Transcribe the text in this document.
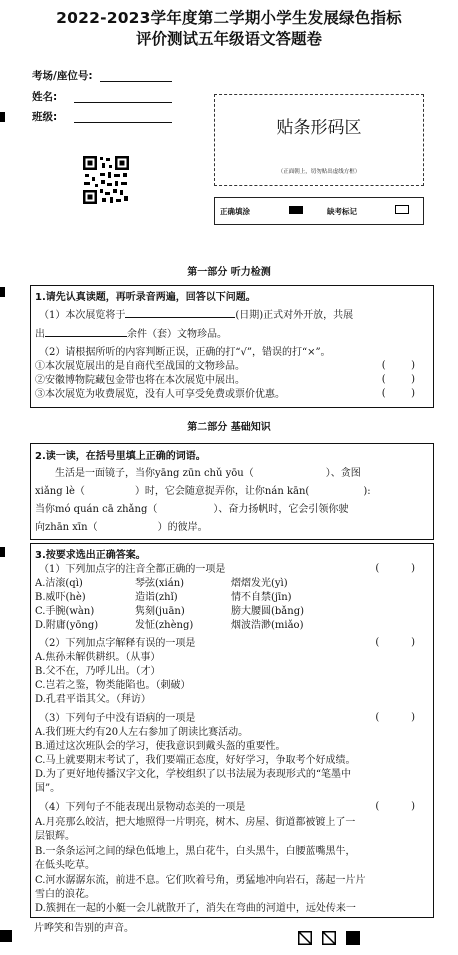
2022-2023学年度第二学期小学生发展绿色指标
评价测试五年级语文答题卷
考场/座位号:
姓名:
班级:
贴条形码区
（正面朝上，切勿贴出虚线方框）
正确填涂	缺考标记
第一部分 听力检测
1.请先认真读题，再听录音两遍，回答以下问题。
（1）本次展览将于	(日期)正式对外开放，共展
出	余件（套）文物珍品。
（2）请根据所听的内容判断正误，正确的打“√”，错误的打“×”。
①本次展览展出的是自商代至战国的文物珍品。	(        )
②安徽博物院藏包金带也将在本次展览中展出。	(        )
③本次展览为收费展览，没有人可享受免费或票价优惠。	(        )
第二部分 基础知识
2.读一读，在括号里填上正确的词语。
生活是一面镜子，当你yāng zūn chǔ yōu（	）、贪图
xiǎng lè（	）时，它会随意捉弄你，让你nán kān(	):
当你mó quán cā zhǎng（	）、奋力扬帆时，它会引领你驶
向zhān xīn（	）的彼岸。
3.按要求选出正确答案。
（1）下列加点字的注音全都正确的一项是	(          )
A.洁滚(qì)	琴弦(xián)	熠熠发光(yì)
B.威吓(hè)	造诣(zhǐ)	情不自禁(jīn)
C.手腕(wàn)	隽刻(juān)	膀大腰圆(bǎng)
D.附庸(yōng)	发怔(zhèng)	烟波浩渺(miǎo)
（2）下列加点字解释有误的一项是	(          )
A.焦孙未解供耕织。（从事）
B.父不在，乃呼儿出。（才）
C.岂若之鉴，物类能陷也。（刺破）
D.孔君平诣其父。（拜访）
（3）下列句子中没有语病的一项是	(          )
A.我们班大约有20人左右参加了朗读比赛活动。
B.通过这次班队会的学习，使我意识到戴头盔的重要性。
C.马上就要期末考试了，我们要端正态度，好好学习，争取考个好成绩。
D.为了更好地传播汉字文化，学校组织了以书法展为表现形式的“笔墨中
国”。
（4）下列句子不能表现出景物动态美的一项是	(          )
A.月亮那么皎洁，把大地照得一片明亮，树木、房屋、街道都被镀上了一
层银辉。
B.一条条运河之间的绿色低地上，黑白花牛，白头黑牛，白腰蓝嘴黑牛，
在低头吃草。
C.河水潺潺东流，前进不息。它们吹着号角，勇猛地冲向岩石，荡起一片片
雪白的浪花。
D.簇拥在一起的小艇一会儿就散开了，消失在弯曲的河道中，远处传来一
片哗笑和告别的声音。
